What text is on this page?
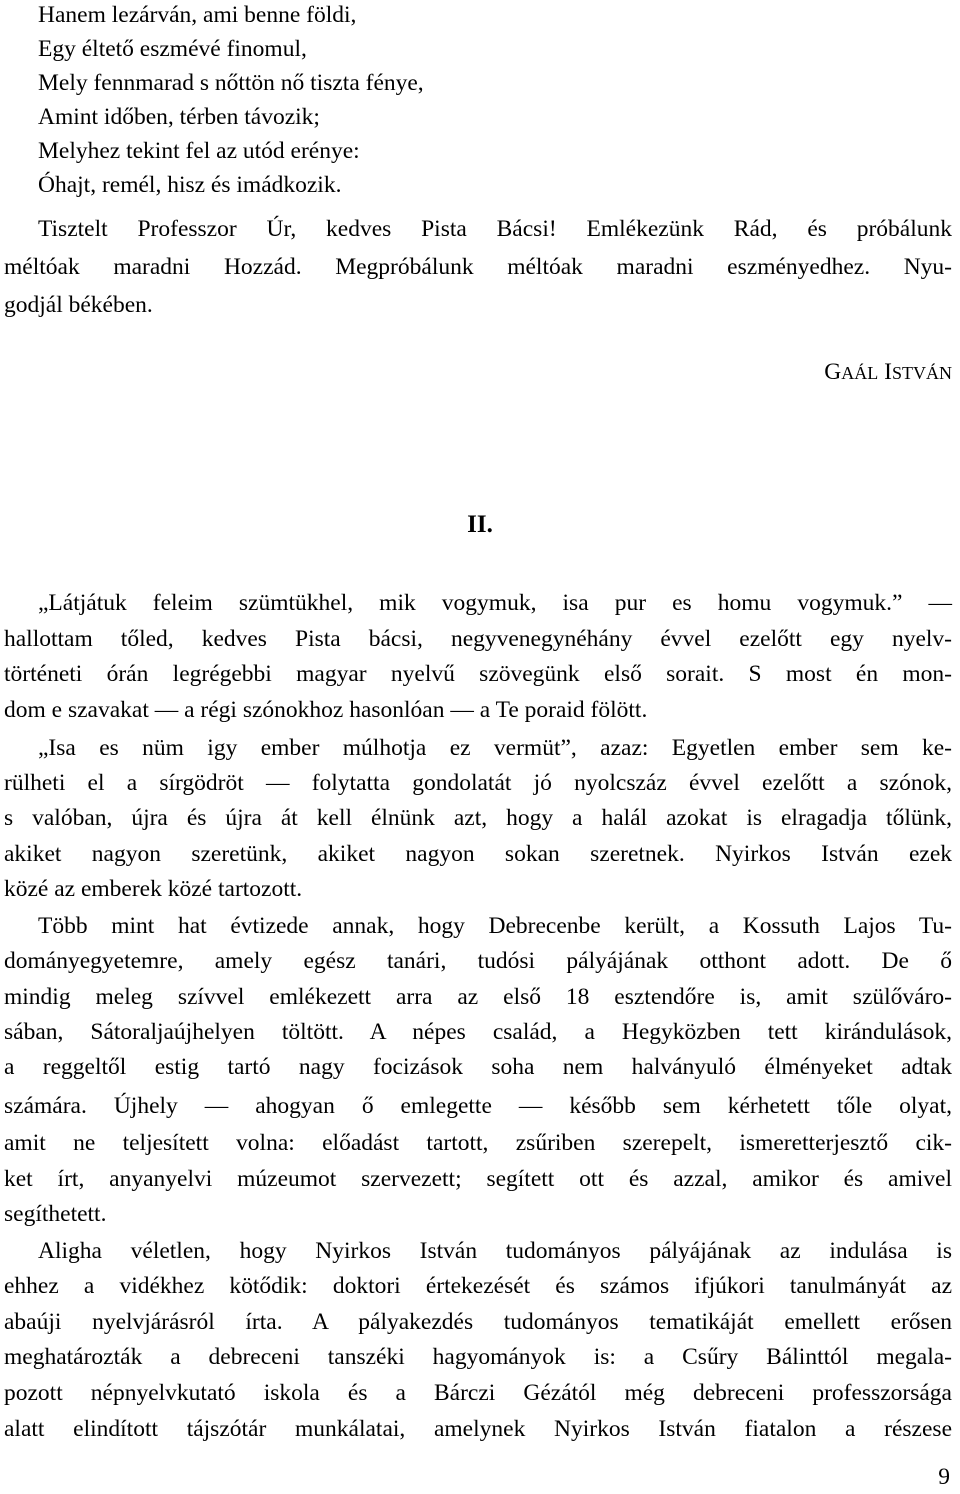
Hanem lezárván, ami benne földi,
Egy éltető eszmévé finomul,
Mely fennmarad s nőttön nő tiszta fénye,
Amint időben, térben távozik;
Melyhez tekint fel az utód erénye:
Óhajt, remél, hisz és imádkozik.
Tisztelt Professzor Úr, kedves Pista Bácsi! Emlékezünk Rád, és próbálunk
méltóak maradni Hozzád. Megpróbálunk méltóak maradni eszményedhez. Nyu-
godjál békében.
GAÁL ISTVÁN
II.
„Látjátuk feleim szümtükhel, mik vogymuk, isa pur es homu vogymuk.” —
hallottam tőled, kedves Pista bácsi, negyvenegynéhány évvel ezelőtt egy nyelv-
történeti órán legrégebbi magyar nyelvű szövegünk első sorait. S most én mon-
dom e szavakat — a régi szónokhoz hasonlóan — a Te poraid fölött.
„Isa es nüm igy ember múlhotja ez vermüt”, azaz: Egyetlen ember sem ke-
rülheti el a sírgödröt — folytatta gondolatát jó nyolcszáz évvel ezelőtt a szónok,
s valóban, újra és újra át kell élnünk azt, hogy a halál azokat is elragadja tőlünk,
akiket nagyon szeretünk, akiket nagyon sokan szeretnek. Nyirkos István ezek
közé az emberek közé tartozott.
Több mint hat évtizede annak, hogy Debrecenbe került, a Kossuth Lajos Tu-
dományegyetemre, amely egész tanári, tudósi pályájának otthont adott. De ő
mindig meleg szívvel emlékezett arra az első 18 esztendőre is, amit szülőváro-
sában, Sátoraljaújhelyen töltött. A népes család, a Hegyközben tett kirándulások,
a reggeltől estig tartó nagy focizások soha nem halványuló élményeket adtak
számára. Újhely — ahogyan ő emlegette — később sem kérhetett tőle olyat,
amit ne teljesített volna: előadást tartott, zsűriben szerepelt, ismeretterjesztő cik-
ket írt, anyanyelvi múzeumot szervezett; segített ott és azzal, amikor és amivel
segíthetett.
Aligha véletlen, hogy Nyirkos István tudományos pályájának az indulása is
ehhez a vidékhez kötődik: doktori értekezését és számos ifjúkori tanulmányát az
abaúji nyelvjárásról írta. A pályakezdés tudományos tematikáját emellett erősen
meghatározták a debreceni tanszéki hagyományok is: a Csűry Bálinttól megala-
pozott népnyelvkutató iskola és a Bárczi Gézától még debreceni professzorsága
alatt elindított tájszótár munkálatai, amelynek Nyirkos István fiatalon a részese
9
